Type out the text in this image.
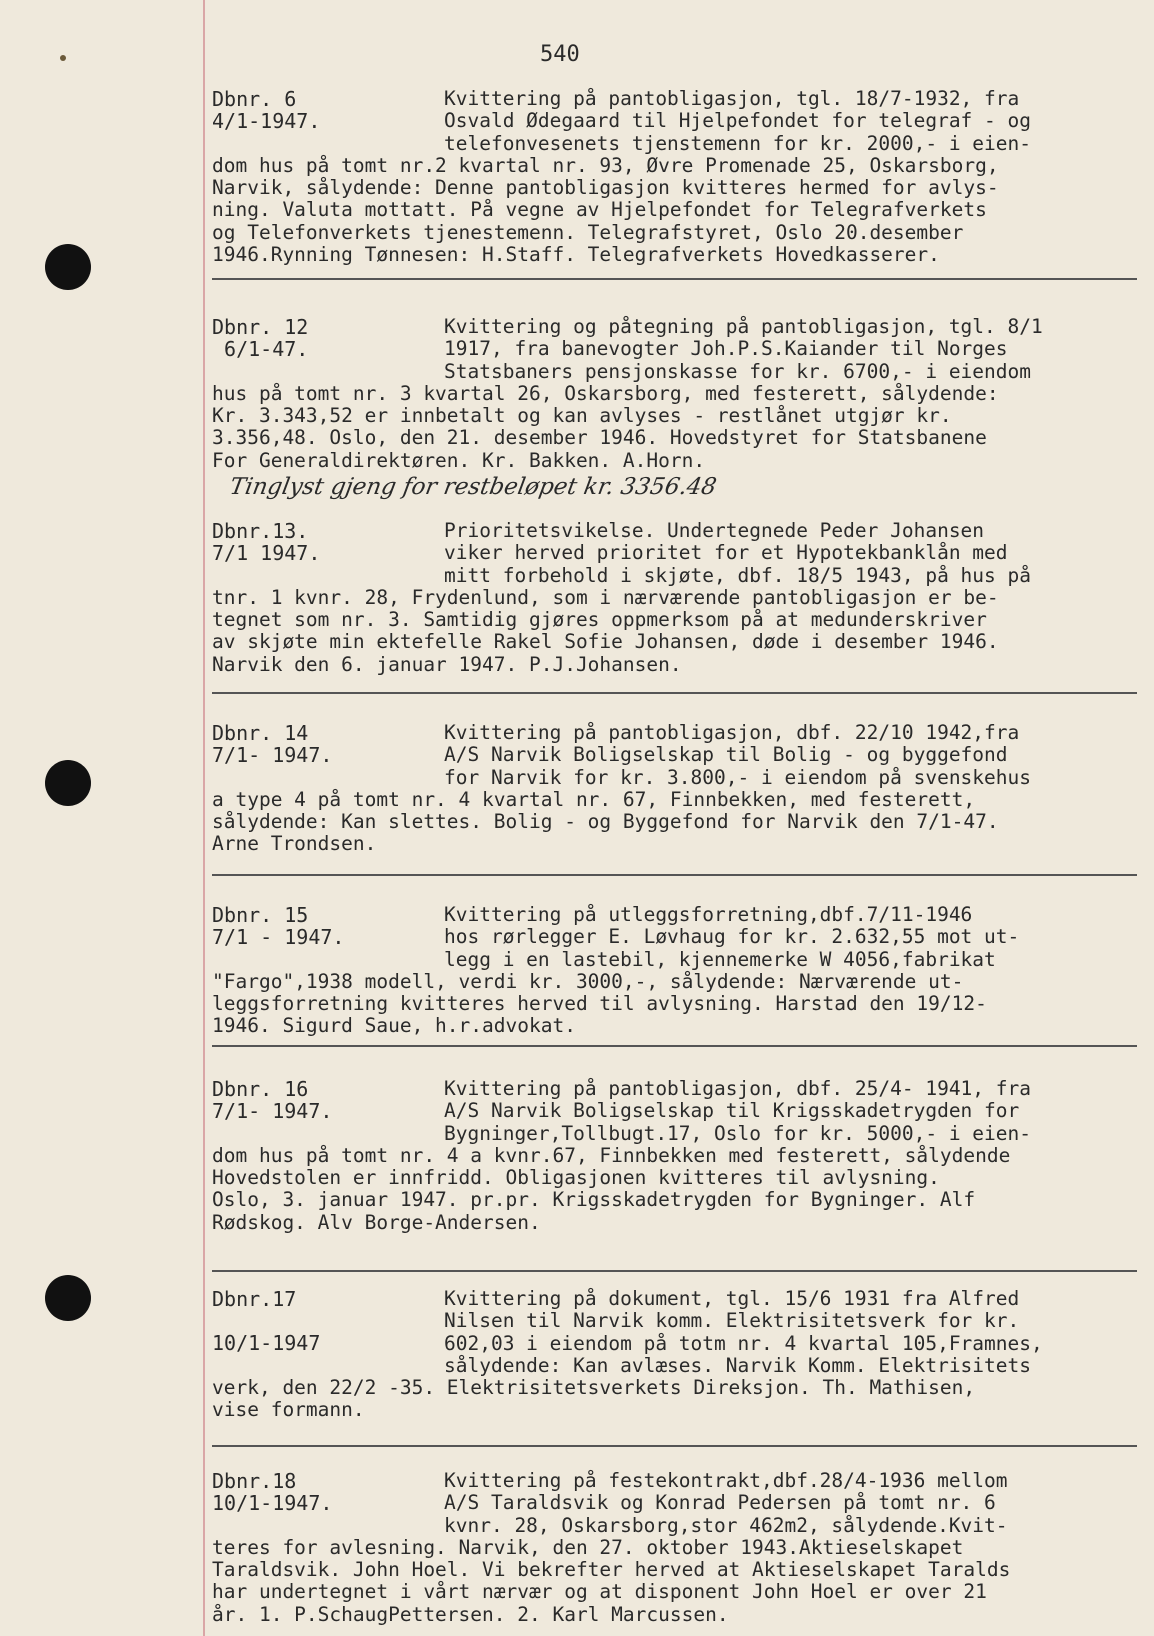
540
Dbnr. 6
4/1-1947.
Kvittering på pantobligasjon, tgl. 18/7-1932, fra
Osvald Ødegaard til Hjelpefondet for telegraf - og
telefonvesenets tjenstemenn for kr. 2000,- i eien-
dom hus på tomt nr.2 kvartal nr. 93, Øvre Promenade 25, Oskarsborg,
Narvik, sålydende: Denne pantobligasjon kvitteres hermed for avlys-
ning. Valuta mottatt. På vegne av Hjelpefondet for Telegrafverkets
og Telefonverkets tjenestemenn. Telegrafstyret, Oslo 20.desember
1946.Rynning Tønnesen: H.Staff. Telegrafverkets Hovedkasserer.
Dbnr. 12
6/1-47.
Kvittering og påtegning på pantobligasjon, tgl. 8/1
1917, fra banevogter Joh.P.S.Kaiander til Norges
Statsbaners pensjonskasse for kr. 6700,- i eiendom
hus på tomt nr. 3 kvartal 26, Oskarsborg, med festerett, sålydende:
Kr. 3.343,52 er innbetalt og kan avlyses - restlånet utgjør kr.
3.356,48. Oslo, den 21. desember 1946. Hovedstyret for Statsbanene
For Generaldirektøren. Kr. Bakken. A.Horn.
Dbnr.13.
7/1 1947.
Prioritetsvikelse. Undertegnede Peder Johansen
viker herved prioritet for et Hypotekbanklån med
mitt forbehold i skjøte, dbf. 18/5 1943, på hus på
tnr. 1 kvnr. 28, Frydenlund, som i nærværende pantobligasjon er be-
tegnet som nr. 3. Samtidig gjøres oppmerksom på at medunderskriver
av skjøte min ektefelle Rakel Sofie Johansen, døde i desember 1946.
Narvik den 6. januar 1947. P.J.Johansen.
Dbnr. 14
7/1- 1947.
Kvittering på pantobligasjon, dbf. 22/10 1942,fra
A/S Narvik Boligselskap til Bolig - og byggefond
for Narvik for kr. 3.800,- i eiendom på svenskehus
a type 4 på tomt nr. 4 kvartal nr. 67, Finnbekken, med festerett,
sålydende: Kan slettes. Bolig - og Byggefond for Narvik den 7/1-47.
Arne Trondsen.
Dbnr. 15
7/1 - 1947.
Kvittering på utleggsforretning,dbf.7/11-1946
hos rørlegger E. Løvhaug for kr. 2.632,55 mot ut-
legg i en lastebil, kjennemerke W 4056,fabrikat
"Fargo",1938 modell, verdi kr. 3000,-, sålydende: Nærværende ut-
leggsforretning kvitteres herved til avlysning. Harstad den 19/12-
1946. Sigurd Saue, h.r.advokat.
Dbnr. 16
7/1- 1947.
Kvittering på pantobligasjon, dbf. 25/4- 1941, fra
A/S Narvik Boligselskap til Krigsskadetrygden for
Bygninger,Tollbugt.17, Oslo for kr. 5000,- i eien-
dom hus på tomt nr. 4 a kvnr.67, Finnbekken med festerett, sålydende
Hovedstolen er innfridd. Obligasjonen kvitteres til avlysning.
Oslo, 3. januar 1947. pr.pr. Krigsskadetrygden for Bygninger. Alf
Rødskog. Alv Borge-Andersen.
Dbnr.17

10/1-1947
Kvittering på dokument, tgl. 15/6 1931 fra Alfred
Nilsen til Narvik komm. Elektrisitetsverk for kr.
602,03 i eiendom på totm nr. 4 kvartal 105,Framnes,
sålydende: Kan avlæses. Narvik Komm. Elektrisitets
verk, den 22/2 -35. Elektrisitetsverkets Direksjon. Th. Mathisen,
vise formann.
Dbnr.18
10/1-1947.
Kvittering på festekontrakt,dbf.28/4-1936 mellom
A/S Taraldsvik og Konrad Pedersen på tomt nr. 6
kvnr. 28, Oskarsborg,stor 462m2, sålydende.Kvit-
teres for avlesning. Narvik, den 27. oktober 1943.Aktieselskapet
Taraldsvik. John Hoel. Vi bekrefter herved at Aktieselskapet Taralds
har undertegnet i vårt nærvær og at disponent John Hoel er over 21
år. 1. P.SchaugPettersen. 2. Karl Marcussen.
Tinglyst gjeng for restbeløpet kr. 3356.48
